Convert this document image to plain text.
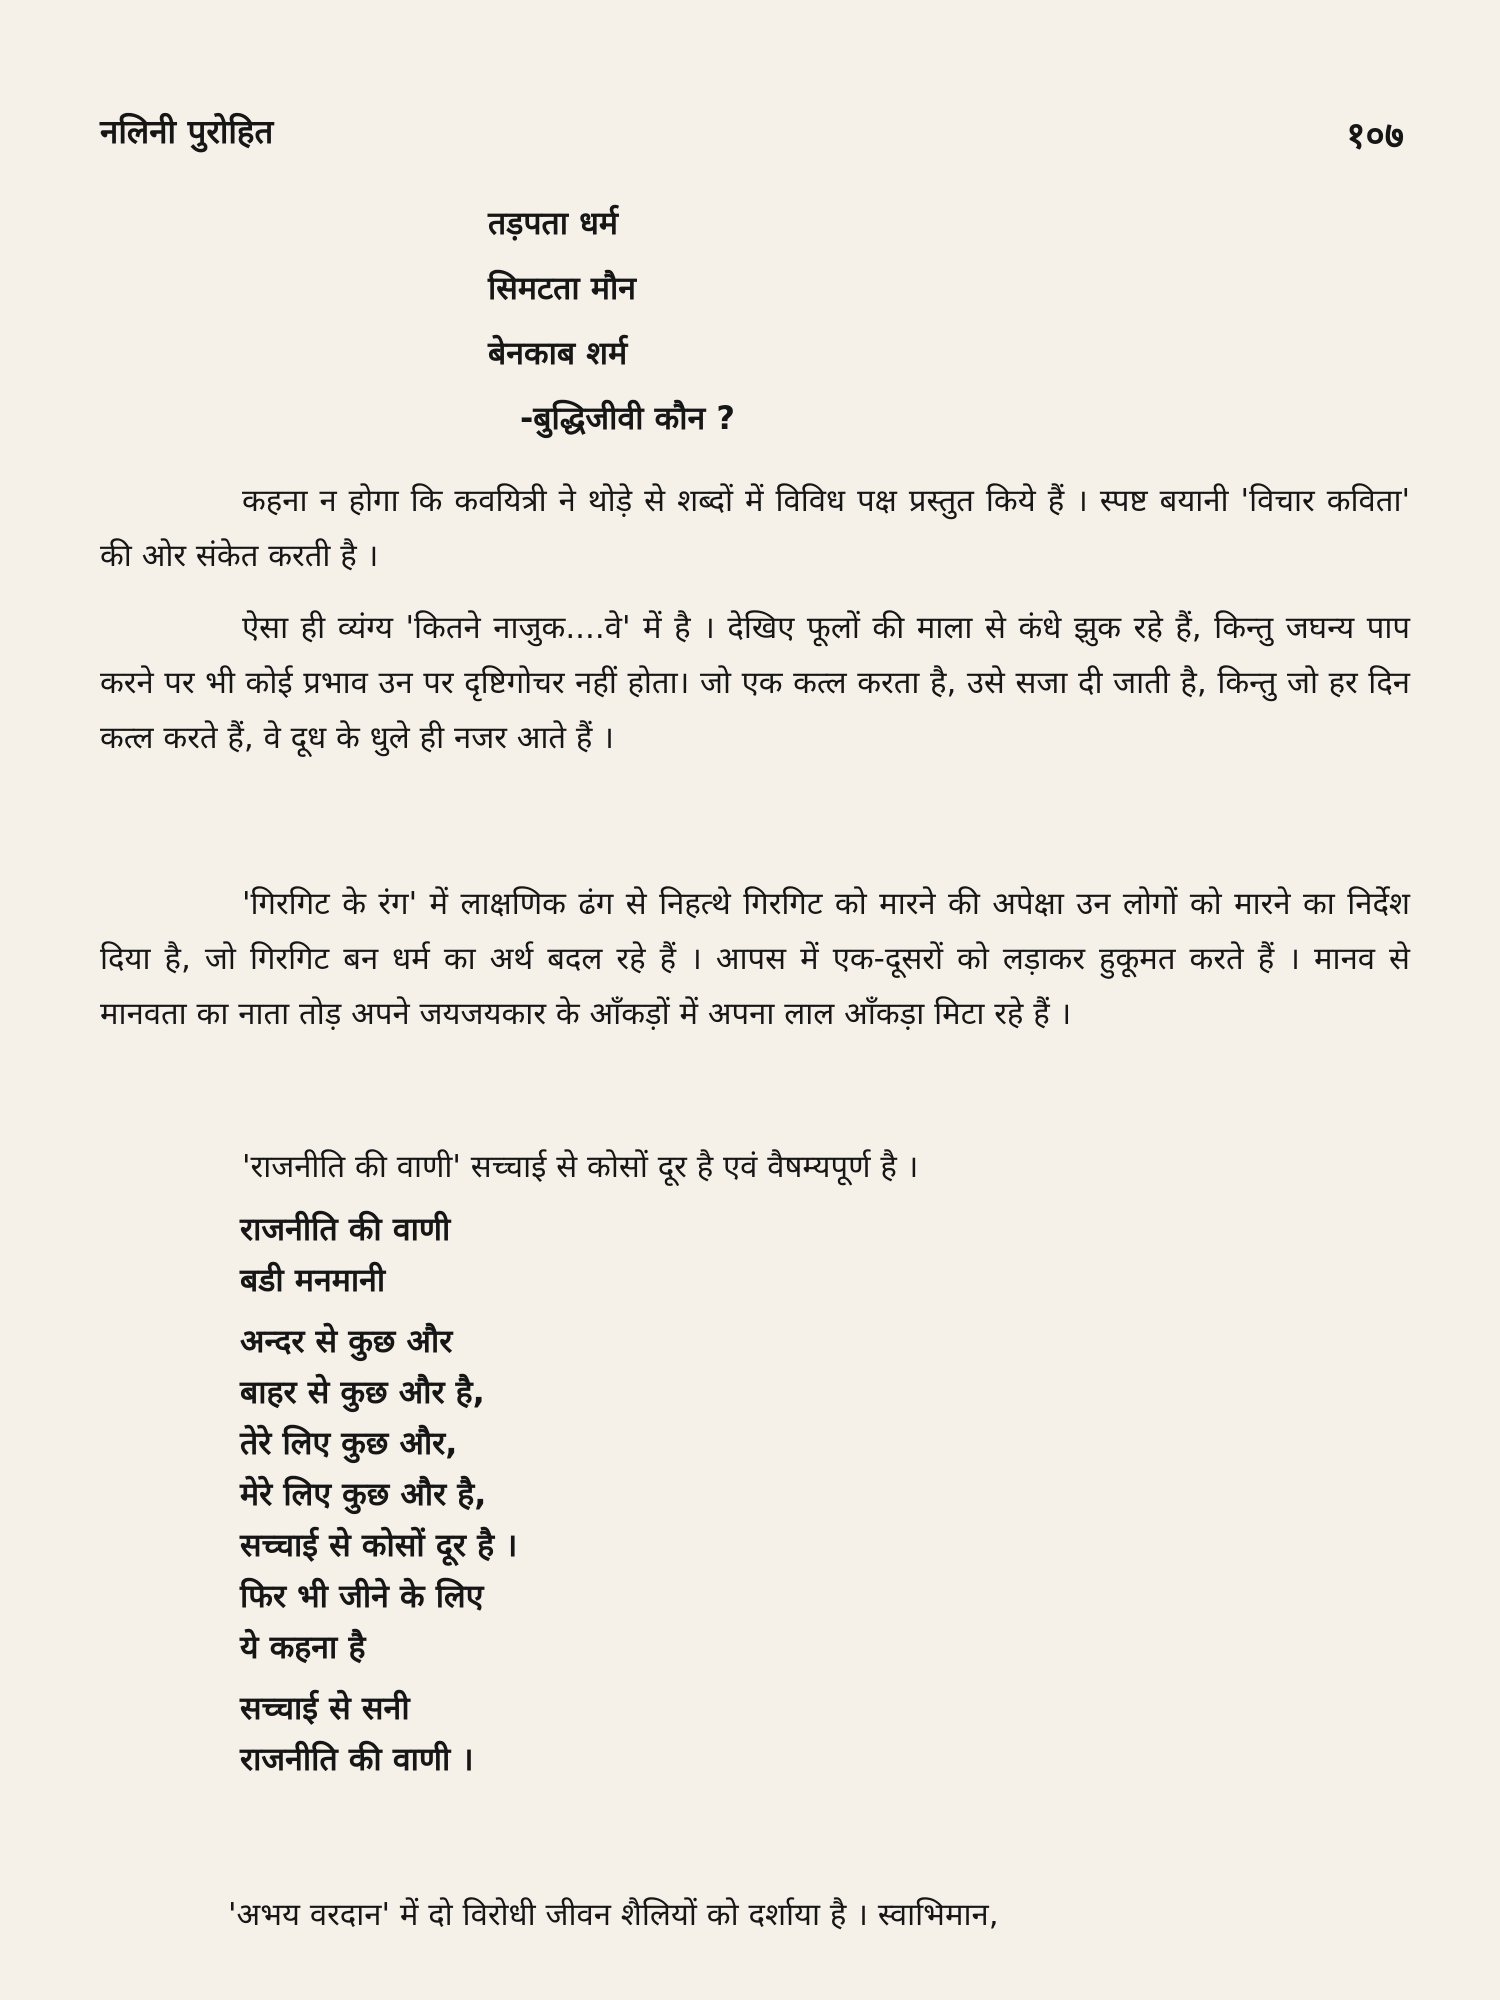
नलिनी पुरोहित	१०७
तड़पता धर्म
सिमटता मौन
बेनकाब शर्म
-बुद्धिजीवी कौन ?

कहना न होगा कि कवयित्री ने थोड़े से शब्दों में विविध पक्ष प्रस्तुत किये हैं । स्पष्ट बयानी 'विचार कविता' की ओर संकेत करती है ।

ऐसा ही व्यंग्य 'कितने नाजुक....वे' में है । देखिए फूलों की माला से कंधे झुक रहे हैं, किन्तु जघन्य पाप करने पर भी कोई प्रभाव उन पर दृष्टिगोचर नहीं होता। जो एक कत्ल करता है, उसे सजा दी जाती है, किन्तु जो हर दिन कत्ल करते हैं, वे दूध के धुले ही नजर आते हैं ।

'गिरगिट के रंग' में लाक्षणिक ढंग से निहत्थे गिरगिट को मारने की अपेक्षा उन लोगों को मारने का निर्देश दिया है, जो गिरगिट बन धर्म का अर्थ बदल रहे हैं । आपस में एक-दूसरों को लड़ाकर हुकूमत करते हैं । मानव से मानवता का नाता तोड़ अपने जयजयकार के आँकड़ों में अपना लाल आँकड़ा मिटा रहे हैं ।

'राजनीति की वाणी' सच्चाई से कोसों दूर है एवं वैषम्यपूर्ण है ।

राजनीति की वाणी
बडी मनमानी
अन्दर से कुछ और
बाहर से कुछ और है,
तेरे लिए कुछ और,
मेरे लिए कुछ और है,
सच्चाई से कोसों दूर है ।
फिर भी जीने के लिए
ये कहना है
सच्चाई से सनी
राजनीति की वाणी ।

'अभय वरदान' में दो विरोधी जीवन शैलियों को दर्शाया है । स्वाभिमान,
